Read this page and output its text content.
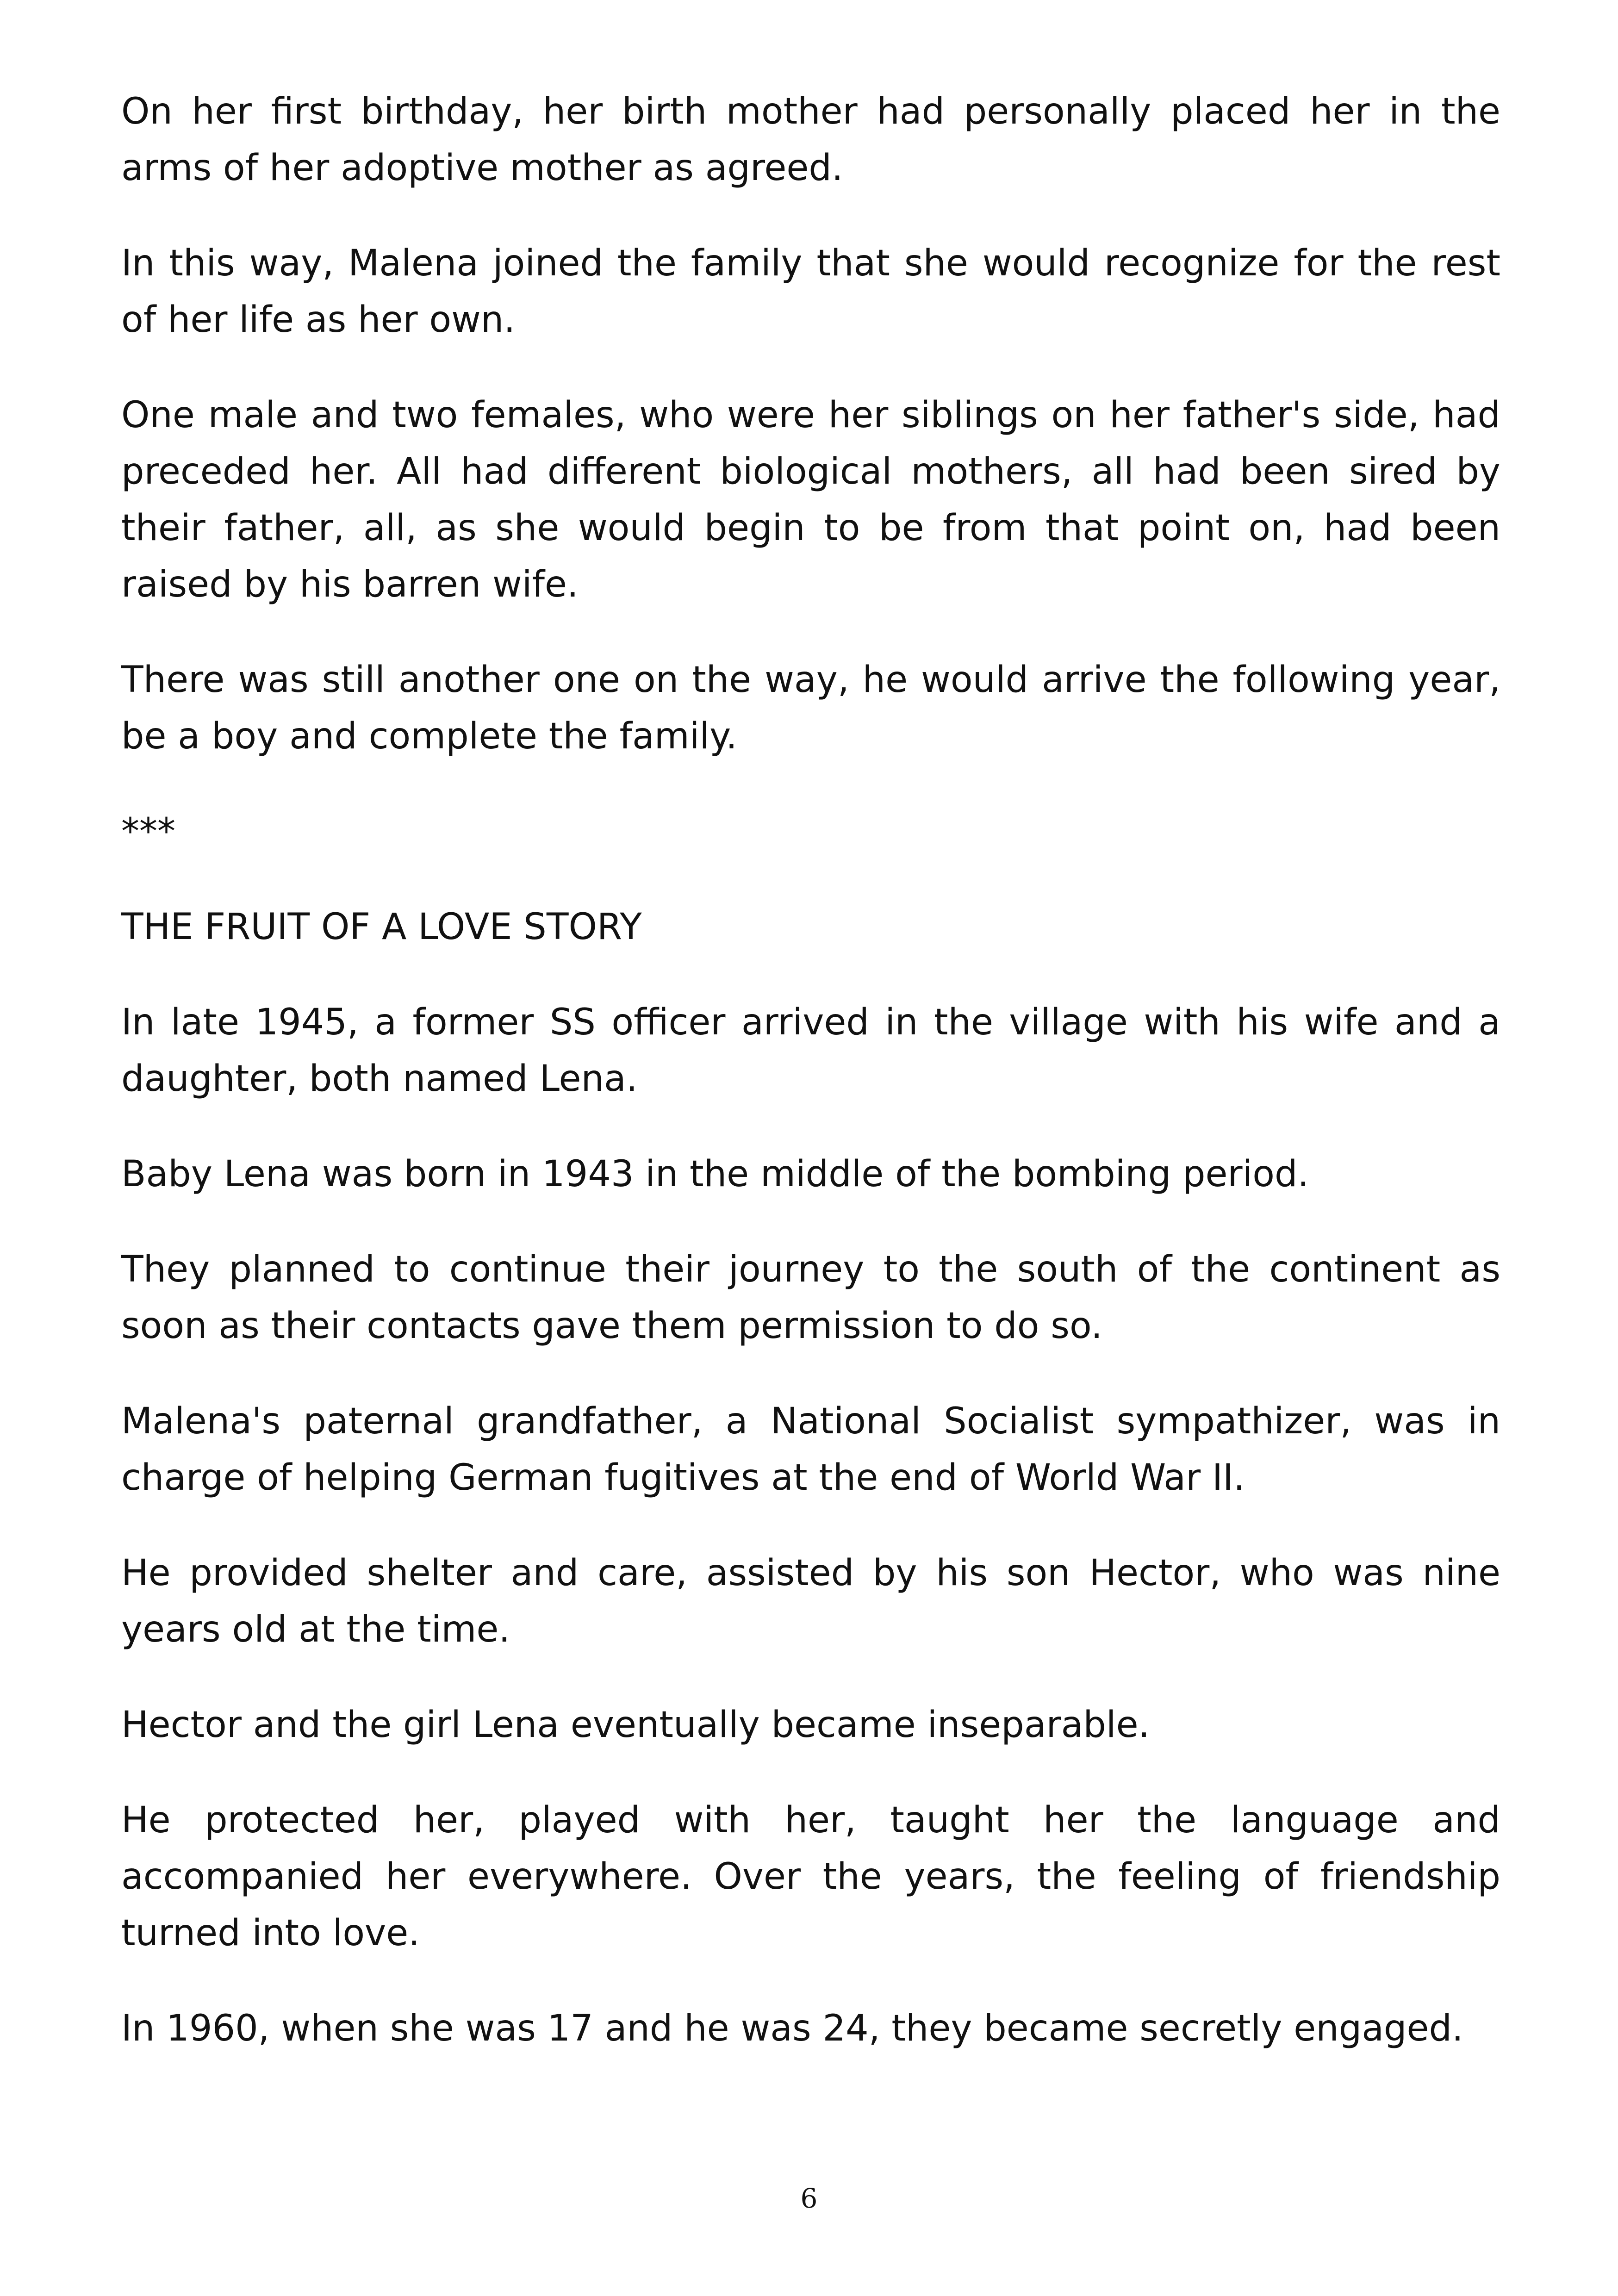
On her first birthday, her birth mother had personally placed her in the arms of her adoptive mother as agreed.

In this way, Malena joined the family that she would recognize for the rest of her life as her own.

One male and two females, who were her siblings on her father's side, had preceded her. All had different biological mothers, all had been sired by their father, all, as she would begin to be from that point on, had been raised by his barren wife.

There was still another one on the way, he would arrive the following year, be a boy and complete the family.

***

THE FRUIT OF A LOVE STORY

In late 1945, a former SS officer arrived in the village with his wife and a daughter, both named Lena.

Baby Lena was born in 1943 in the middle of the bombing period.

They planned to continue their journey to the south of the continent as soon as their contacts gave them permission to do so.

Malena's paternal grandfather, a National Socialist sympathizer, was in charge of helping German fugitives at the end of World War II.

He provided shelter and care, assisted by his son Hector, who was nine years old at the time.

Hector and the girl Lena eventually became inseparable.

He protected her, played with her, taught her the language and accompanied her everywhere. Over the years, the feeling of friendship turned into love.

In 1960, when she was 17 and he was 24, they became secretly engaged.

6
